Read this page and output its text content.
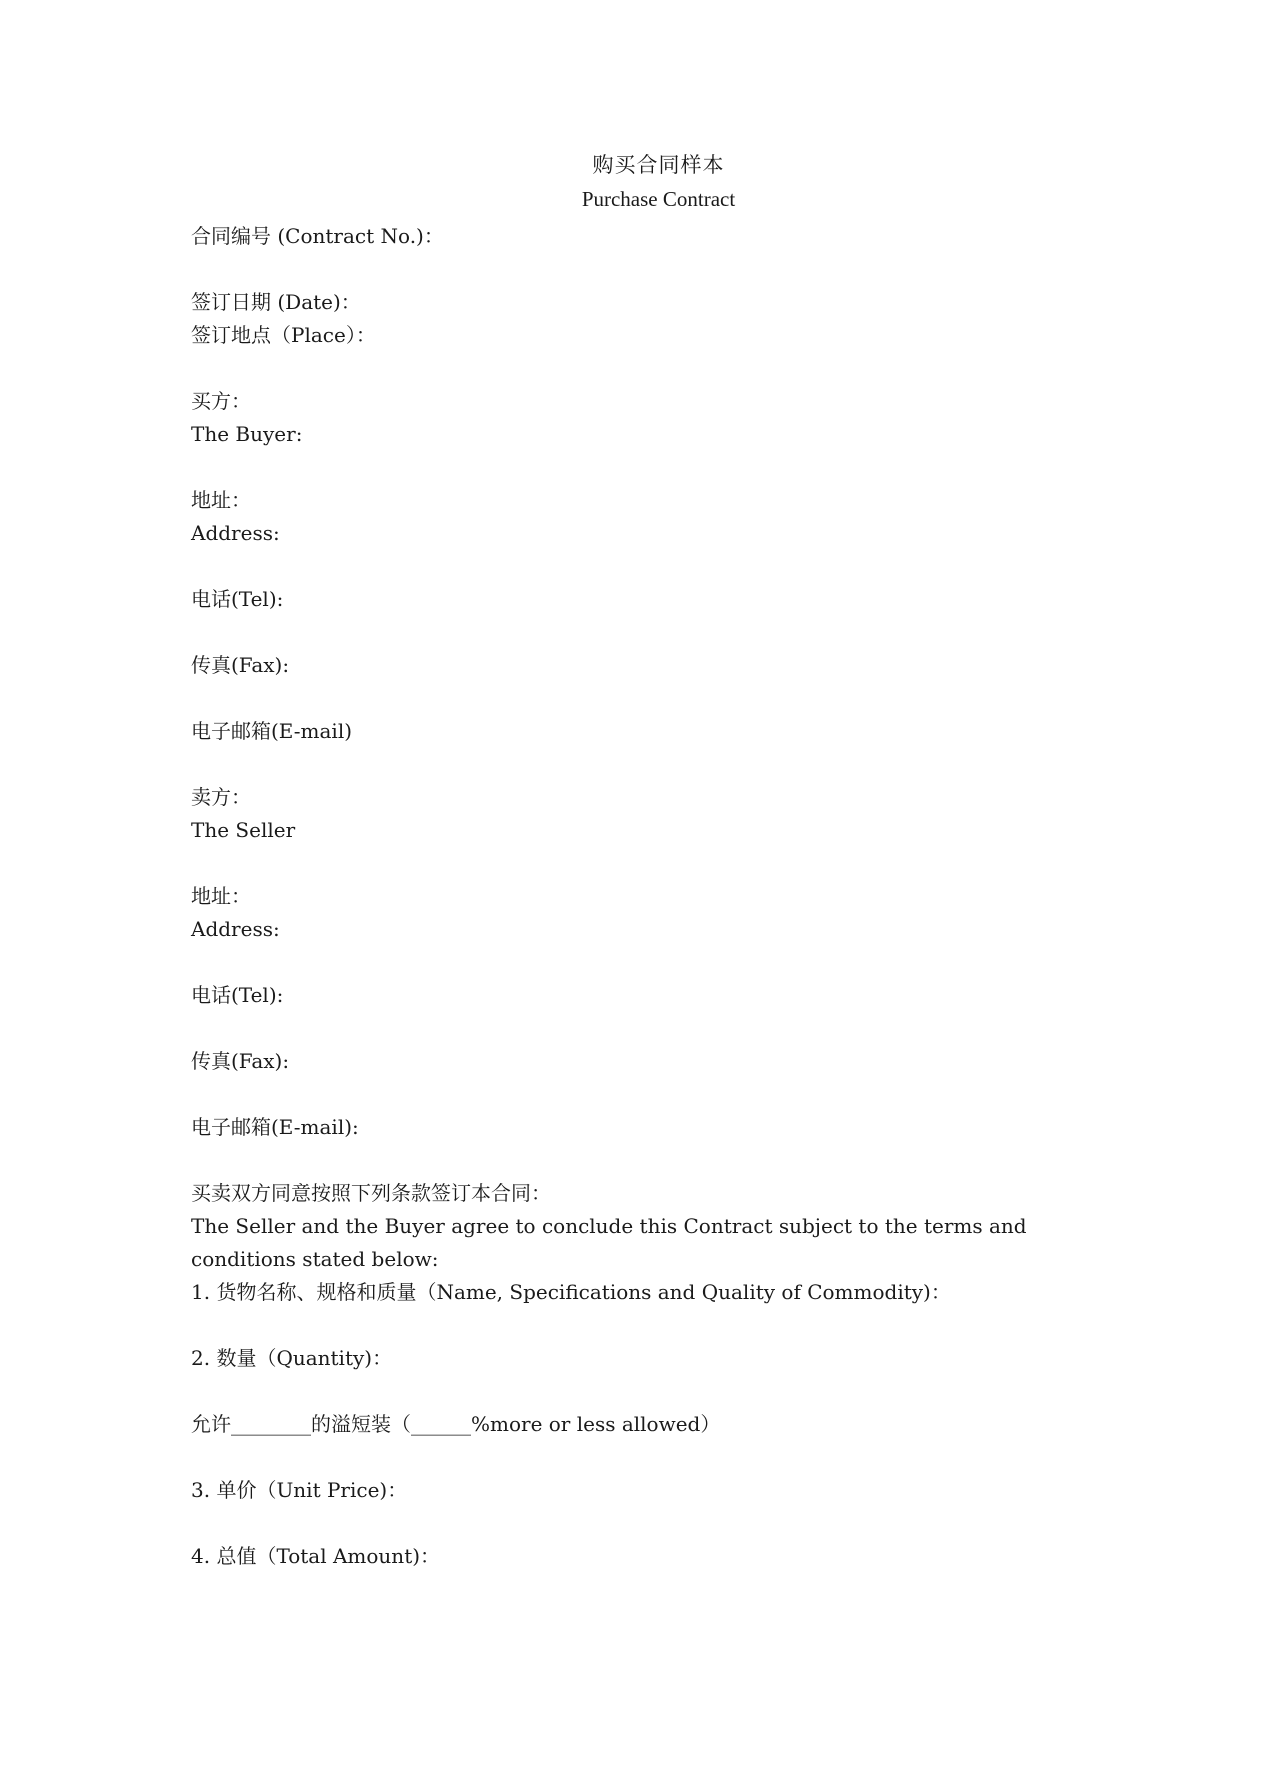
购买合同样本
Purchase Contract
合同编号 (Contract No.)：
签订日期 (Date)：
签订地点（Place）：
买方：
The Buyer:
地址：
Address:
电话(Tel):
传真(Fax):
电子邮箱(E-mail)
卖方：
The Seller
地址：
Address:
电话(Tel):
传真(Fax):
电子邮箱(E-mail):
买卖双方同意按照下列条款签订本合同：
The Seller and the Buyer agree to conclude this Contract subject to the terms and conditions stated below:
1. 货物名称、规格和质量（Name, Specifications and Quality of Commodity)：
2. 数量（Quantity)：
允许________的溢短装（______%more or less allowed）
3. 单价（Unit Price)：
4. 总值（Total Amount)：
